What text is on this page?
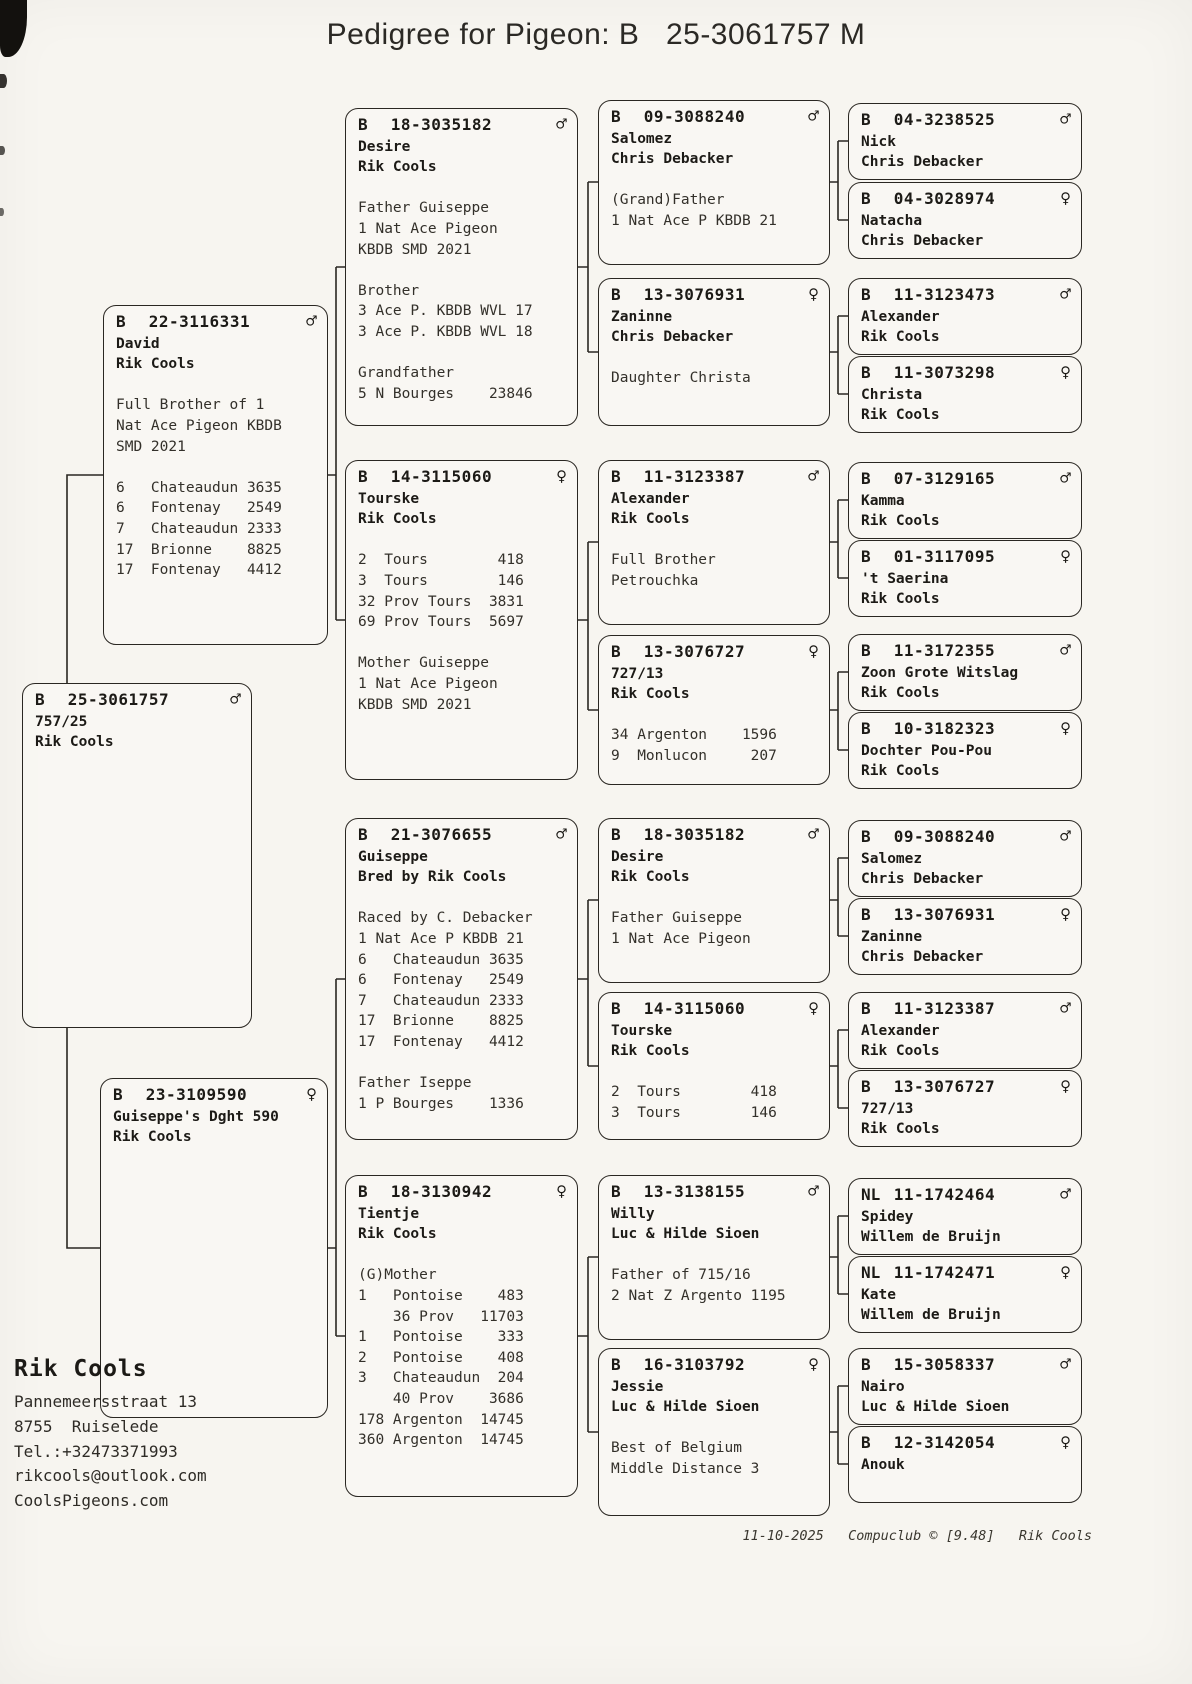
Pedigree for Pigeon: B   25-3061757 M
B	25-3061757	♂
757/25
Rik Cools
B	22-3116331	♂
David
Rik Cools
Full Brother of 1
Nat Ace Pigeon KBDB
SMD 2021
6   Chateaudun 3635
6   Fontenay   2549
7   Chateaudun 2333
17  Brionne    8825
17  Fontenay   4412
B	23-3109590	♀
Guiseppe's Dght 590
Rik Cools
B	18-3035182	♂
Desire
Rik Cools
Father Guiseppe
1 Nat Ace Pigeon
KBDB SMD 2021
Brother
3 Ace P. KBDB WVL 17
3 Ace P. KBDB WVL 18
Grandfather
5 N Bourges    23846
B	14-3115060	♀
Tourske
Rik Cools
2  Tours        418
3  Tours        146
32 Prov Tours  3831
69 Prov Tours  5697
Mother Guiseppe
1 Nat Ace Pigeon
KBDB SMD 2021
B	21-3076655	♂
Guiseppe
Bred by Rik Cools
Raced by C. Debacker
1 Nat Ace P KBDB 21
6   Chateaudun 3635
6   Fontenay   2549
7   Chateaudun 2333
17  Brionne    8825
17  Fontenay   4412
Father Iseppe
1 P Bourges    1336
B	18-3130942	♀
Tientje
Rik Cools
(G)Mother
1   Pontoise    483
36 Prov   11703
1   Pontoise    333
2   Pontoise    408
3   Chateaudun  204
40 Prov    3686
178 Argenton  14745
360 Argenton  14745
B	09-3088240	♂
Salomez
Chris Debacker
(Grand)Father
1 Nat Ace P KBDB 21
B	13-3076931	♀
Zaninne
Chris Debacker
Daughter Christa
B	11-3123387	♂
Alexander
Rik Cools
Full Brother
Petrouchka
B	13-3076727	♀
727/13
Rik Cools
34 Argenton    1596
9  Monlucon     207
B	18-3035182	♂
Desire
Rik Cools
Father Guiseppe
1 Nat Ace Pigeon
B	14-3115060	♀
Tourske
Rik Cools
2  Tours        418
3  Tours        146
B	13-3138155	♂
Willy
Luc & Hilde Sioen
Father of 715/16
2 Nat Z Argento 1195
B	16-3103792	♀
Jessie
Luc & Hilde Sioen
Best of Belgium
Middle Distance 3
B	04-3238525	♂
Nick
Chris Debacker
B	04-3028974	♀
Natacha
Chris Debacker
B	11-3123473	♂
Alexander
Rik Cools
B	11-3073298	♀
Christa
Rik Cools
B	07-3129165	♂
Kamma
Rik Cools
B	01-3117095	♀
't Saerina
Rik Cools
B	11-3172355	♂
Zoon Grote Witslag
Rik Cools
B	10-3182323	♀
Dochter Pou-Pou
Rik Cools
B	09-3088240	♂
Salomez
Chris Debacker
B	13-3076931	♀
Zaninne
Chris Debacker
B	11-3123387	♂
Alexander
Rik Cools
B	13-3076727	♀
727/13
Rik Cools
NL 11-1742464	♂
Spidey
Willem de Bruijn
NL 11-1742471	♀
Kate
Willem de Bruijn
B	15-3058337	♂
Nairo
Luc & Hilde Sioen
B	12-3142054	♀
Anouk
Rik Cools
Pannemeersstraat 13
8755  Ruiselede
Tel.:+32473371993
rikcools@outlook.com
CoolsPigeons.com
11-10-2025   Compuclub © [9.48]   Rik Cools
